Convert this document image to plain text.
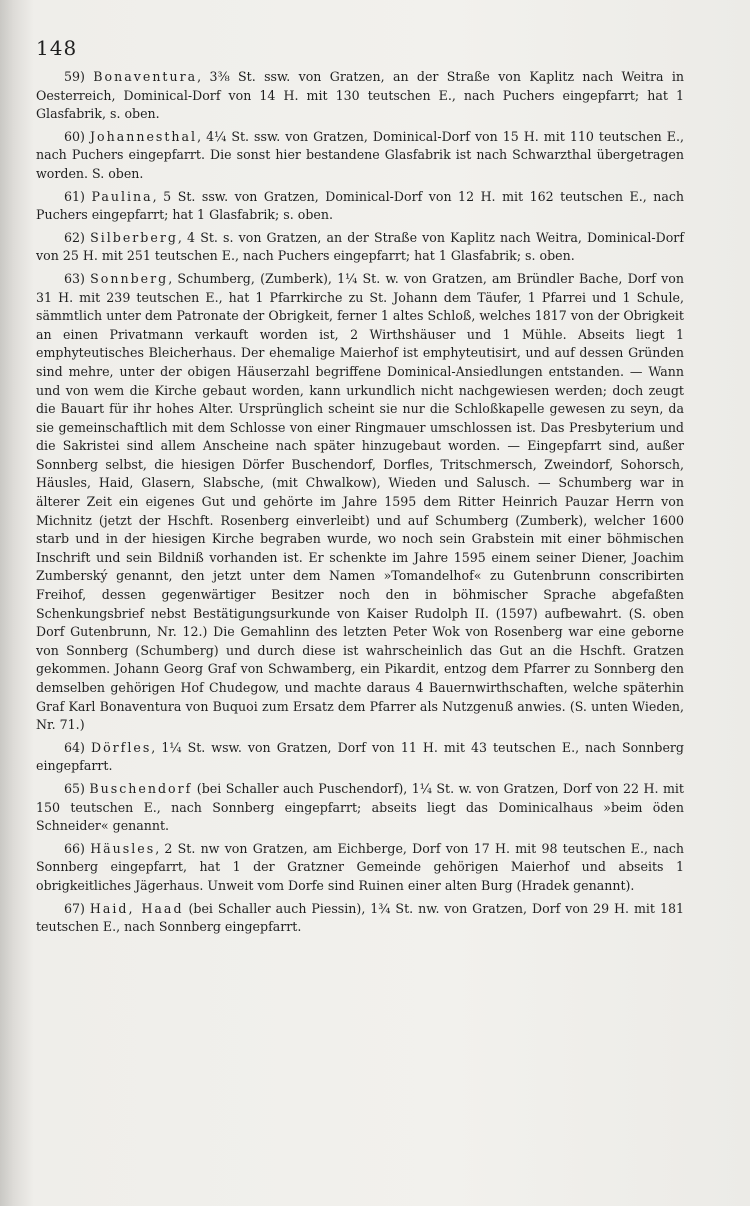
148

59) Bonaventura, 3⅜ St. ssw. von Gratzen, an der Straße von Kaplitz nach Weitra in Oesterreich, Dominical-Dorf von 14 H. mit 130 teutschen E., nach Puchers eingepfarrt; hat 1 Glasfabrik, s. oben.

60) Johannesthal, 4¼ St. ssw. von Gratzen, Dominical-Dorf von 15 H. mit 110 teutschen E., nach Puchers eingepfarrt. Die sonst hier bestandene Glasfabrik ist nach Schwarzthal übergetragen worden. S. oben.

61) Paulina, 5 St. ssw. von Gratzen, Dominical-Dorf von 12 H. mit 162 teutschen E., nach Puchers eingepfarrt; hat 1 Glasfabrik; s. oben.

62) Silberberg, 4 St. s. von Gratzen, an der Straße von Kaplitz nach Weitra, Dominical-Dorf von 25 H. mit 251 teutschen E., nach Puchers eingepfarrt; hat 1 Glasfabrik; s. oben.

63) Sonnberg, Schumberg, (Zumberk), 1¼ St. w. von Gratzen, am Bründler Bache, Dorf von 31 H. mit 239 teutschen E., hat 1 Pfarrkirche zu St. Johann dem Täufer, 1 Pfarrei und 1 Schule, sämmtlich unter dem Patronate der Obrigkeit, ferner 1 altes Schloß, welches 1817 von der Obrigkeit an einen Privatmann verkauft worden ist, 2 Wirthshäuser und 1 Mühle. Abseits liegt 1 emphyteutisches Bleicherhaus. Der ehemalige Maierhof ist emphyteutisirt, und auf dessen Gründen sind mehre, unter der obigen Häuserzahl begriffene Dominical-Ansiedlungen entstanden. — Wann und von wem die Kirche gebaut worden, kann urkundlich nicht nachgewiesen werden; doch zeugt die Bauart für ihr hohes Alter. Ursprünglich scheint sie nur die Schloßkapelle gewesen zu seyn, da sie gemeinschaftlich mit dem Schlosse von einer Ringmauer umschlossen ist. Das Presbyterium und die Sakristei sind allem Anscheine nach später hinzugebaut worden. — Eingepfarrt sind, außer Sonnberg selbst, die hiesigen Dörfer Buschendorf, Dorfles, Tritschmersch, Zweindorf, Sohorsch, Häusles, Haid, Glasern, Slabsche, (mit Chwalkow), Wieden und Salusch. — Schumberg war in älterer Zeit ein eigenes Gut und gehörte im Jahre 1595 dem Ritter Heinrich Pauzar Herrn von Michnitz (jetzt der Hschft. Rosenberg einverleibt) und auf Schumberg (Zumberk), welcher 1600 starb und in der hiesigen Kirche begraben wurde, wo noch sein Grabstein mit einer böhmischen Inschrift und sein Bildniß vorhanden ist. Er schenkte im Jahre 1595 einem seiner Diener, Joachim Zumberský genannt, den jetzt unter dem Namen »Tomandelhof« zu Gutenbrunn conscribirten Freihof, dessen gegenwärtiger Besitzer noch den in böhmischer Sprache abgefaßten Schenkungsbrief nebst Bestätigungsurkunde von Kaiser Rudolph II. (1597) aufbewahrt. (S. oben Dorf Gutenbrunn, Nr. 12.) Die Gemahlinn des letzten Peter Wok von Rosenberg war eine geborne von Sonnberg (Schumberg) und durch diese ist wahrscheinlich das Gut an die Hschft. Gratzen gekommen. Johann Georg Graf von Schwamberg, ein Pikardit, entzog dem Pfarrer zu Sonnberg den demselben gehörigen Hof Chudegow, und machte daraus 4 Bauernwirthschaften, welche späterhin Graf Karl Bonaventura von Buquoi zum Ersatz dem Pfarrer als Nutzgenuß anwies. (S. unten Wieden, Nr. 71.)

64) Dörfles, 1¼ St. wsw. von Gratzen, Dorf von 11 H. mit 43 teutschen E., nach Sonnberg eingepfarrt.

65) Buschendorf (bei Schaller auch Puschendorf), 1¼ St. w. von Gratzen, Dorf von 22 H. mit 150 teutschen E., nach Sonnberg eingepfarrt; abseits liegt das Dominicalhaus »beim öden Schneider« genannt.

66) Häusles, 2 St. nw von Gratzen, am Eichberge, Dorf von 17 H. mit 98 teutschen E., nach Sonnberg eingepfarrt, hat 1 der Gratzner Gemeinde gehörigen Maierhof und abseits 1 obrigkeitliches Jägerhaus. Unweit vom Dorfe sind Ruinen einer alten Burg (Hradek genannt).

67) Haid, Haad (bei Schaller auch Piessin), 1¾ St. nw. von Gratzen, Dorf von 29 H. mit 181 teutschen E., nach Sonnberg eingepfarrt.
